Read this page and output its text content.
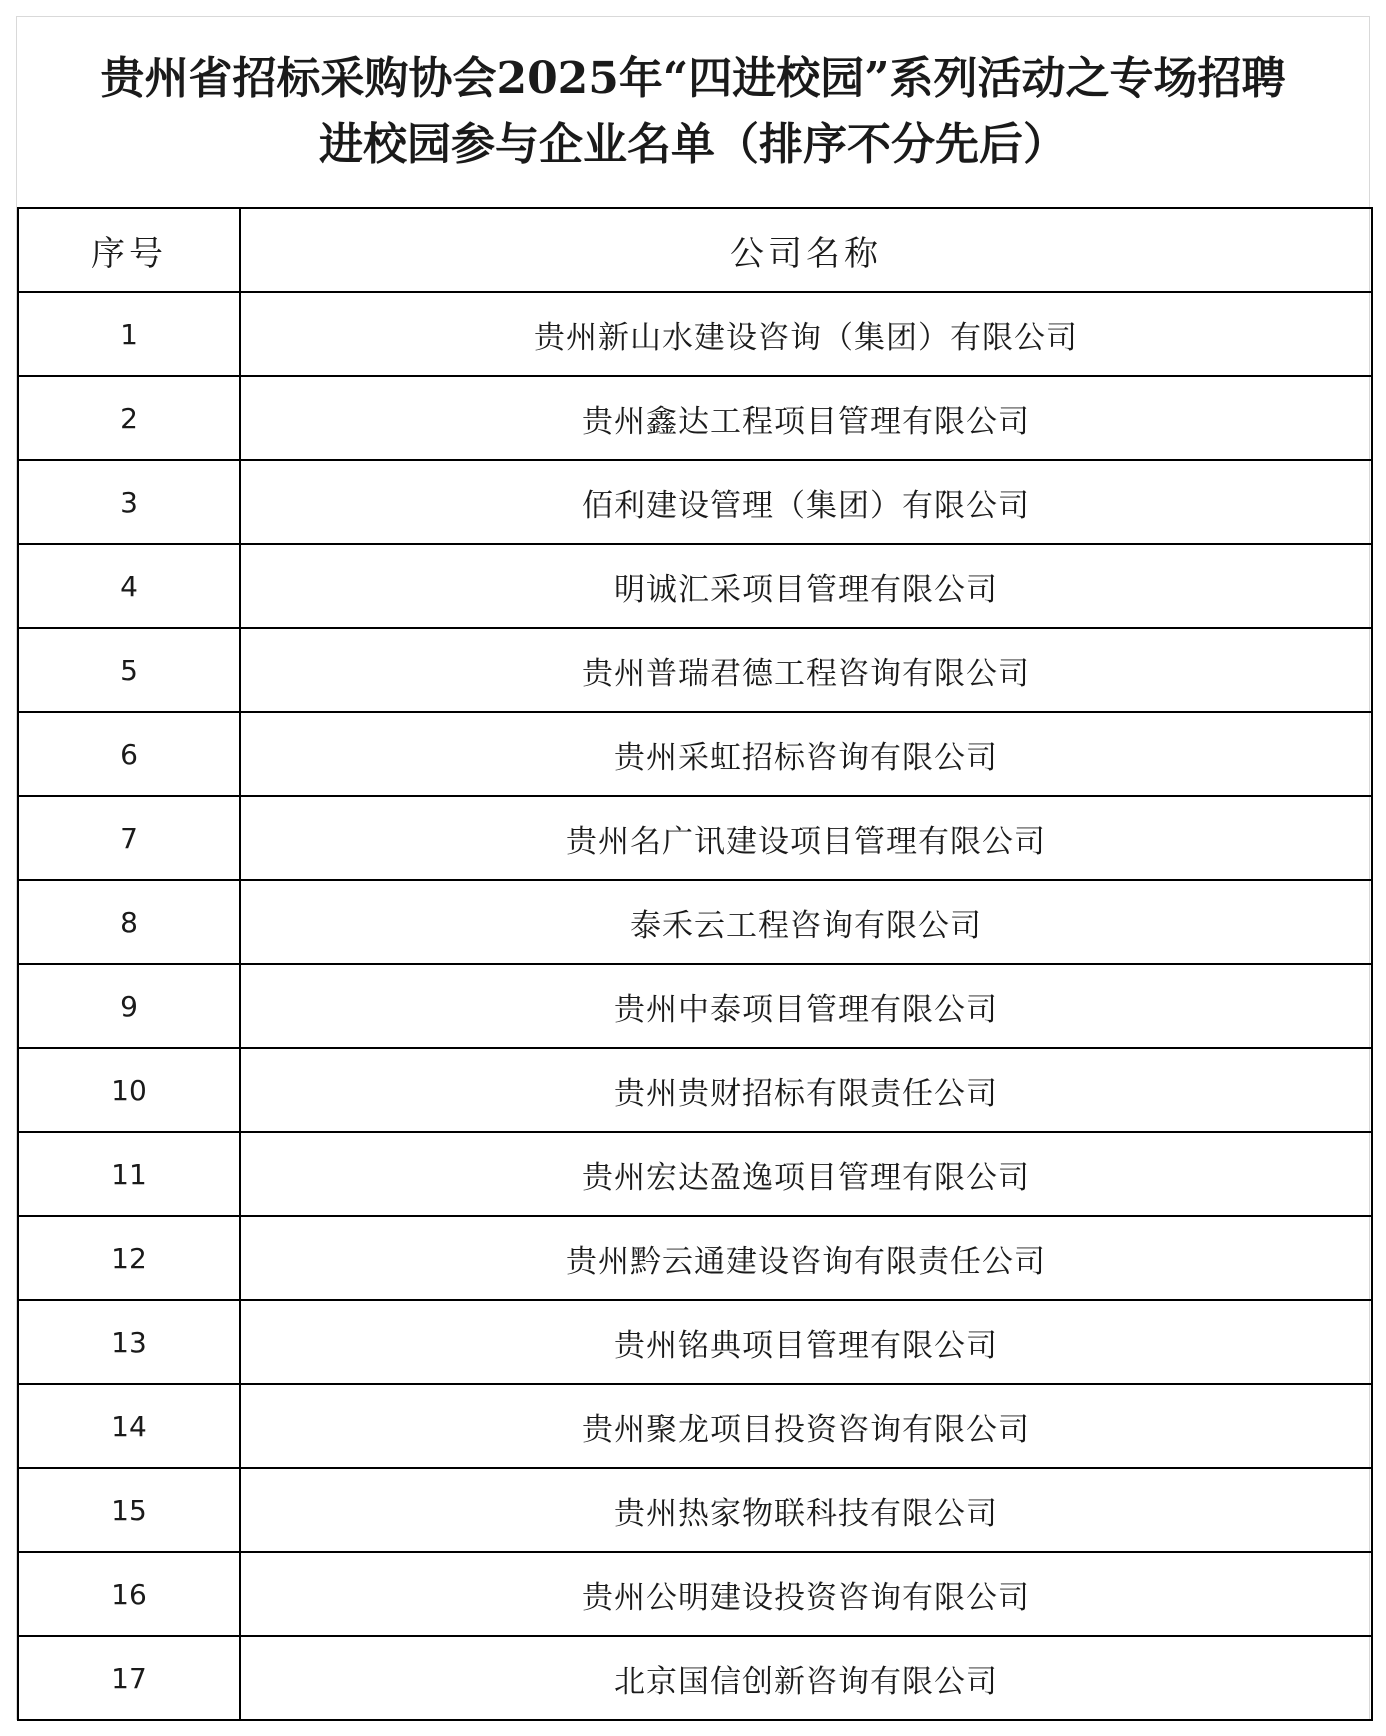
贵州省招标采购协会2025年“四进校园”系列活动之专场招聘
进校园参与企业名单（排序不分先后）
序号	公司名称
1	贵州新山水建设咨询（集团）有限公司
2	贵州鑫达工程项目管理有限公司
3	佰利建设管理（集团）有限公司
4	明诚汇采项目管理有限公司
5	贵州普瑞君德工程咨询有限公司
6	贵州采虹招标咨询有限公司
7	贵州名广讯建设项目管理有限公司
8	泰禾云工程咨询有限公司
9	贵州中泰项目管理有限公司
10	贵州贵财招标有限责任公司
11	贵州宏达盈逸项目管理有限公司
12	贵州黔云通建设咨询有限责任公司
13	贵州铭典项目管理有限公司
14	贵州聚龙项目投资咨询有限公司
15	贵州热家物联科技有限公司
16	贵州公明建设投资咨询有限公司
17	北京国信创新咨询有限公司
